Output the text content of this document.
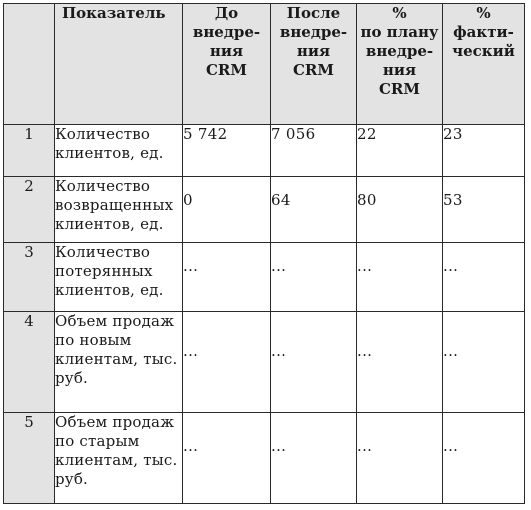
	Показатель	До
внедре-
ния
CRM	После
внедре-
ния
CRM	%
по плану
внедре-
ния
CRM	%
факти-
ческий

1	Количество клиентов, ед.	5 742	7 056	22	23
2	Количество возвращенных клиентов, ед.	0	64	80	53
3	Количество потерянных клиентов, ед.	...	...	...	...
4	Объем продаж по новым клиентам, тыс. руб.	...	...	...	...
5	Объем продаж по старым клиентам, тыс. руб.	...	...	...	...
